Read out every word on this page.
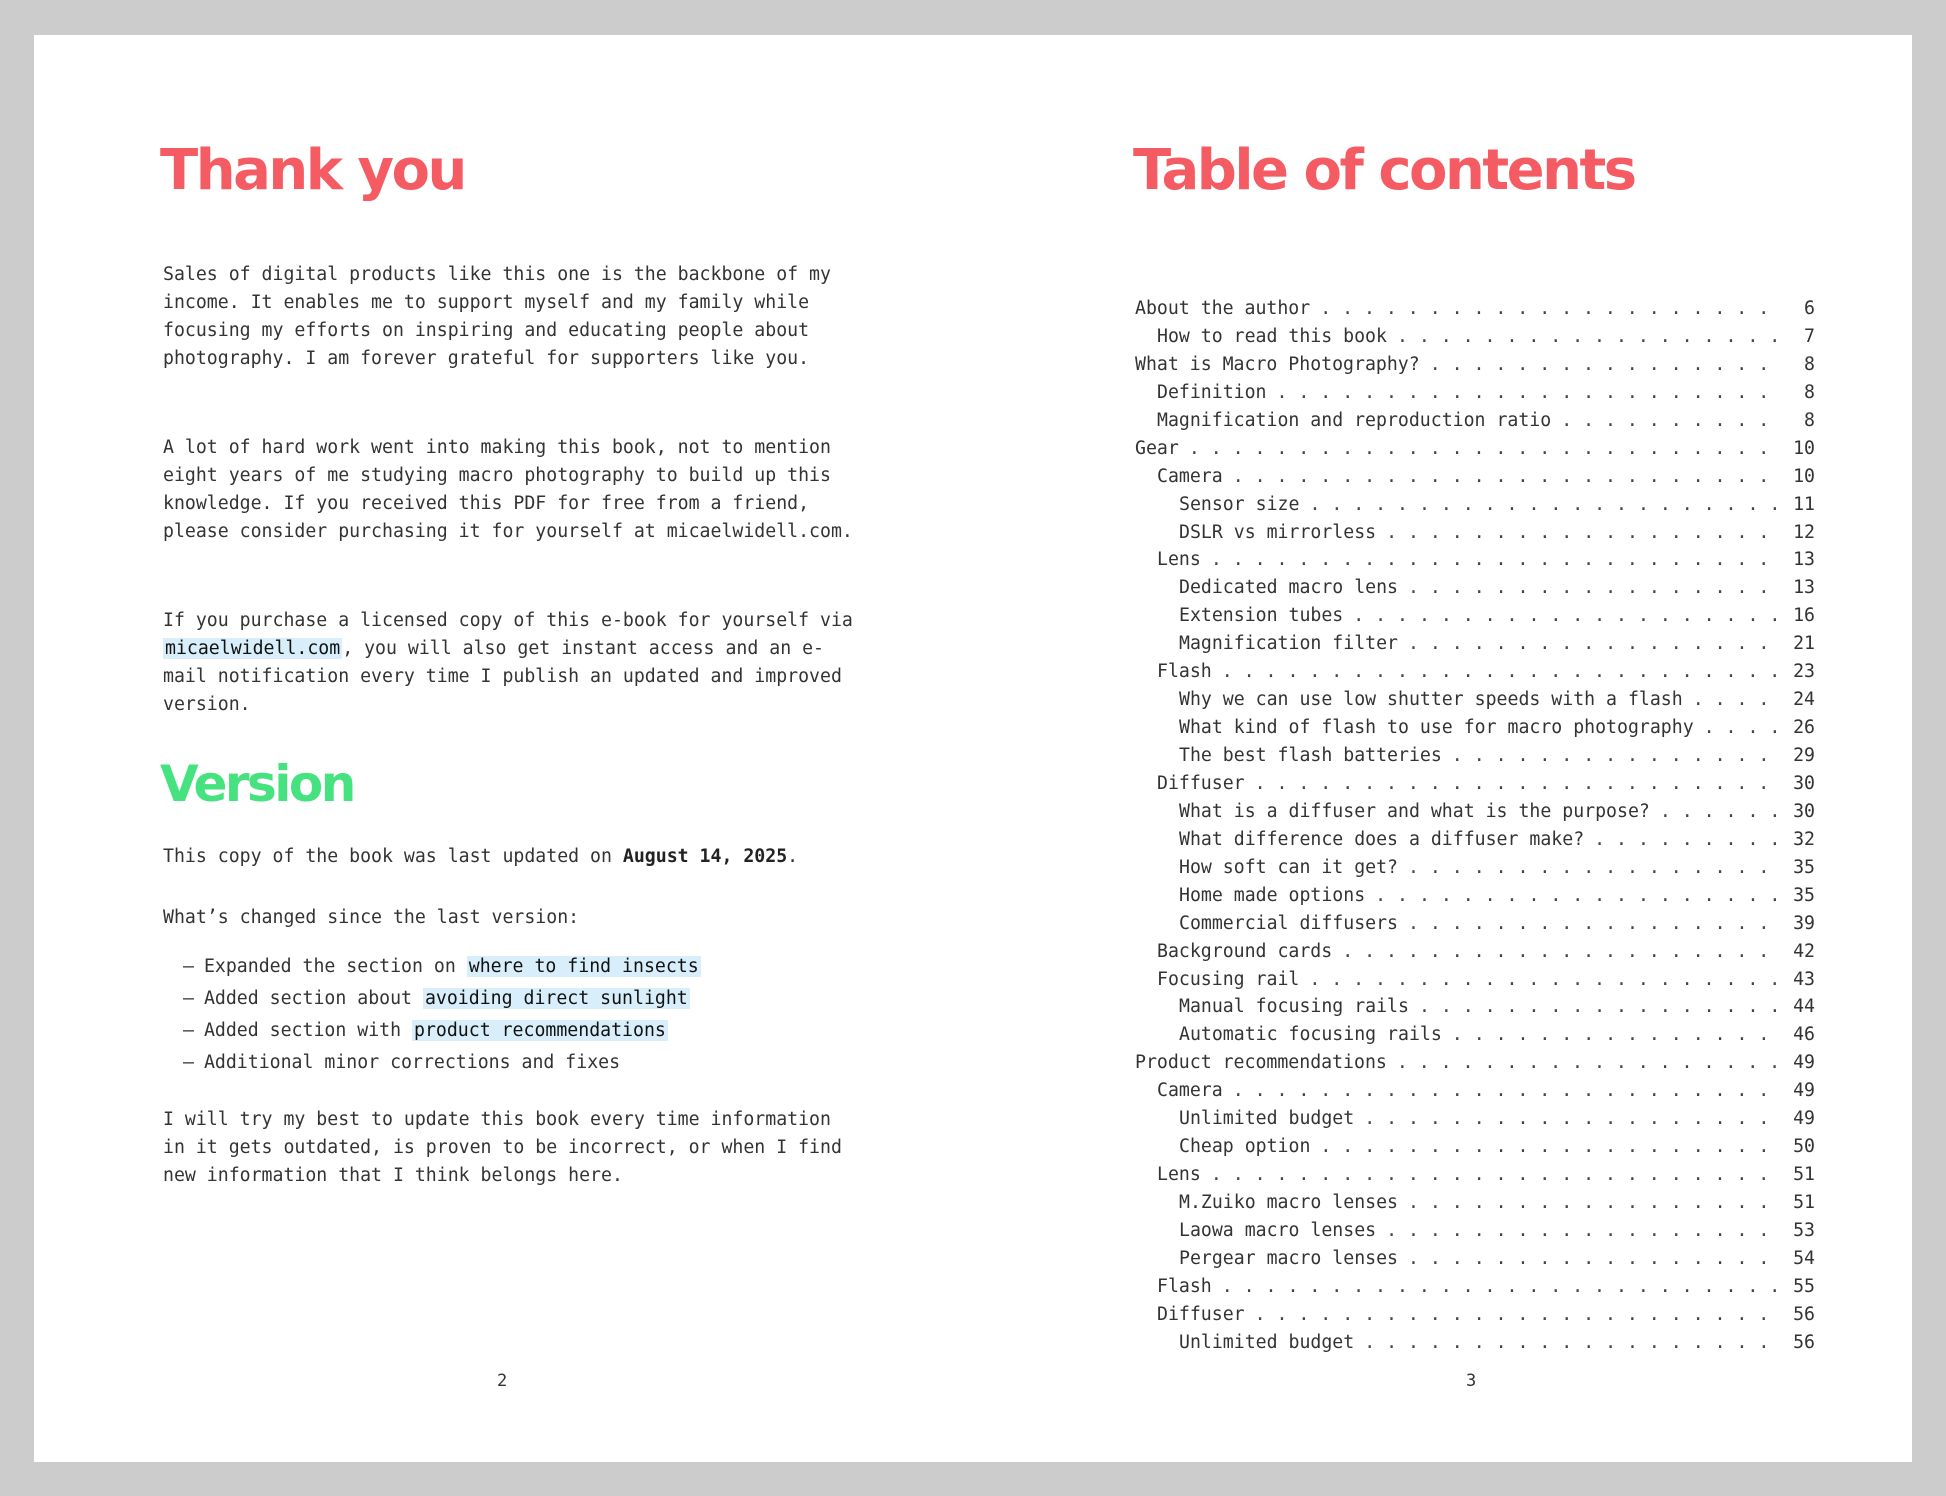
Thank you

Sales of digital products like this one is the backbone of my income. It enables me to support myself and my family while focusing my efforts on inspiring and educating people about photography. I am forever grateful for supporters like you.

A lot of hard work went into making this book, not to mention eight years of me studying macro photography to build up this knowledge. If you received this PDF for free from a friend, please consider purchasing it for yourself at micaelwidell.com.

If you purchase a licensed copy of this e-book for yourself via micaelwidell.com , you will also get instant access and an e-mail notification every time I publish an updated and improved version.

Version

This copy of the book was last updated on August 14, 2025.

What’s changed since the last version:

– Expanded the section on where to find insects
– Added section about avoiding direct sunlight
– Added section with product recommendations
– Additional minor corrections and fixes

I will try my best to update this book every time information in it gets outdated, is proven to be incorrect, or when I find new information that I think belongs here.

2
Table of contents
3
About the author . . .	6
How to read this book . . .	7
What is Macro Photography? . . .	8
Definition . . .	8
Magnification and reproduction ratio . . .	8
Gear . . .	10
Camera . . .	10
Sensor size . . .	11
DSLR vs mirrorless . . .	12
Lens . . .	13
Dedicated macro lens . . .	13
Extension tubes . . .	16
Magnification filter . . .	21
Flash . . .	23
Why we can use low shutter speeds with a flash . . .	24
What kind of flash to use for macro photography . . .	26
The best flash batteries . . .	29
Diffuser . . .	30
What is a diffuser and what is the purpose? . . .	30
What difference does a diffuser make? . . .	32
How soft can it get? . . .	35
Home made options . . .	35
Commercial diffusers . . .	39
Background cards . . .	42
Focusing rail . . .	43
Manual focusing rails . . .	44
Automatic focusing rails . . .	46
Product recommendations . . .	49
Camera . . .	49
Unlimited budget . . .	49
Cheap option . . .	50
Lens . . .	51
M.Zuiko macro lenses . . .	51
Laowa macro lenses . . .	53
Pergear macro lenses . . .	54
Flash . . .	55
Diffuser . . .	56
Unlimited budget . . .	56
